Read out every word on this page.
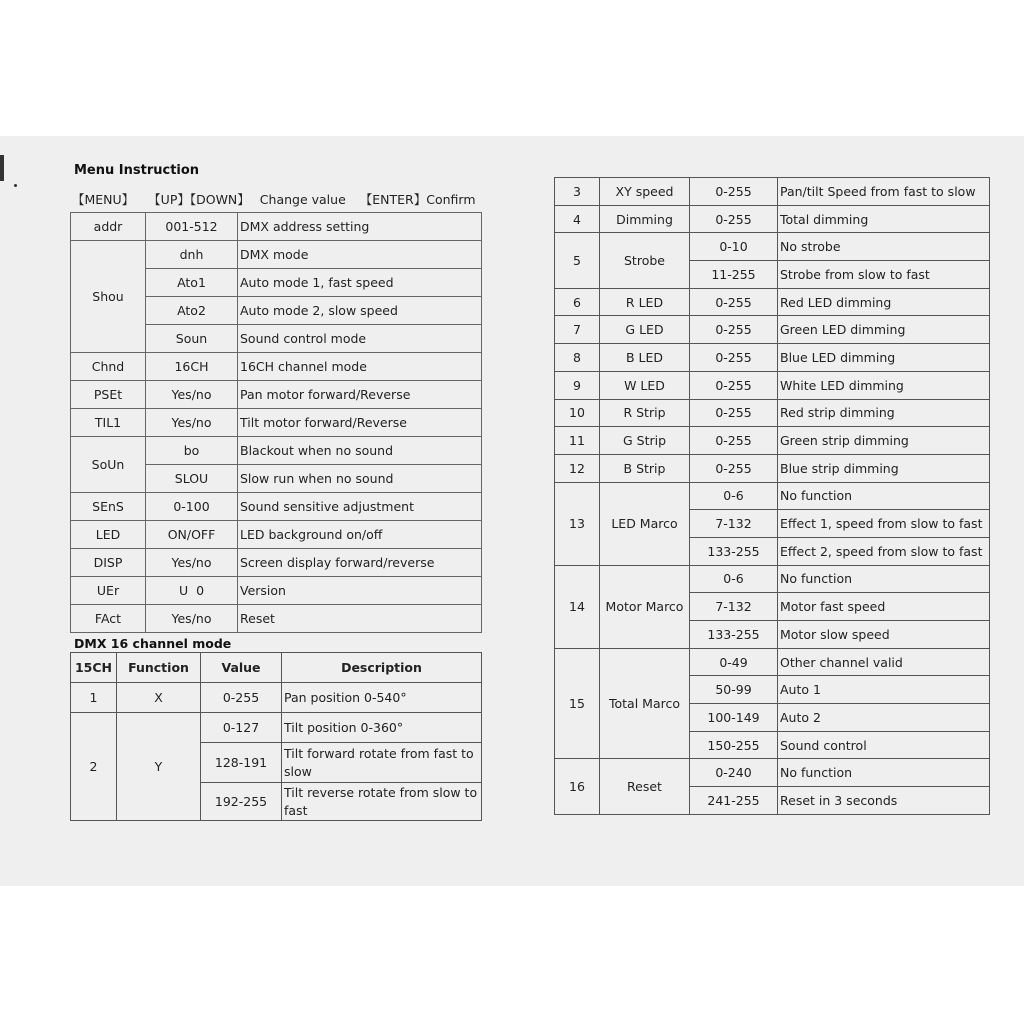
Menu Instruction
【MENU】 【UP】【DOWN】 Change value 【ENTER】Confirm
addr	001-512	DMX address setting
Shou	dnh	DMX mode
	Ato1	Auto mode 1, fast speed
	Ato2	Auto mode 2, slow speed
	Soun	Sound control mode
Chnd	16CH	16CH channel mode
PSEt	Yes/no	Pan motor forward/Reverse
TIL1	Yes/no	Tilt motor forward/Reverse
SoUn	bo	Blackout when no sound
	SLOU	Slow run when no sound
SEnS	0-100	Sound sensitive adjustment
LED	ON/OFF	LED background on/off
DISP	Yes/no	Screen display forward/reverse
UEr	U  0	Version
FAct	Yes/no	Reset
DMX 16 channel mode
15CH	Function	Value	Description
1	X	0-255	Pan position 0-540°
2	Y	0-127	Tilt position 0-360°
		128-191	Tilt forward rotate from fast to slow
		192-255	Tilt reverse rotate from slow to fast
3	XY speed	0-255	Pan/tilt Speed from fast to slow
4	Dimming	0-255	Total dimming
5	Strobe	0-10	No strobe
		11-255	Strobe from slow to fast
6	R LED	0-255	Red LED dimming
7	G LED	0-255	Green LED dimming
8	B LED	0-255	Blue LED dimming
9	W LED	0-255	White LED dimming
10	R Strip	0-255	Red strip dimming
11	G Strip	0-255	Green strip dimming
12	B Strip	0-255	Blue strip dimming
13	LED Marco	0-6	No function
		7-132	Effect 1, speed from slow to fast
		133-255	Effect 2, speed from slow to fast
14	Motor Marco	0-6	No function
		7-132	Motor fast speed
		133-255	Motor slow speed
15	Total Marco	0-49	Other channel valid
		50-99	Auto 1
		100-149	Auto 2
		150-255	Sound control
16	Reset	0-240	No function
		241-255	Reset in 3 seconds
